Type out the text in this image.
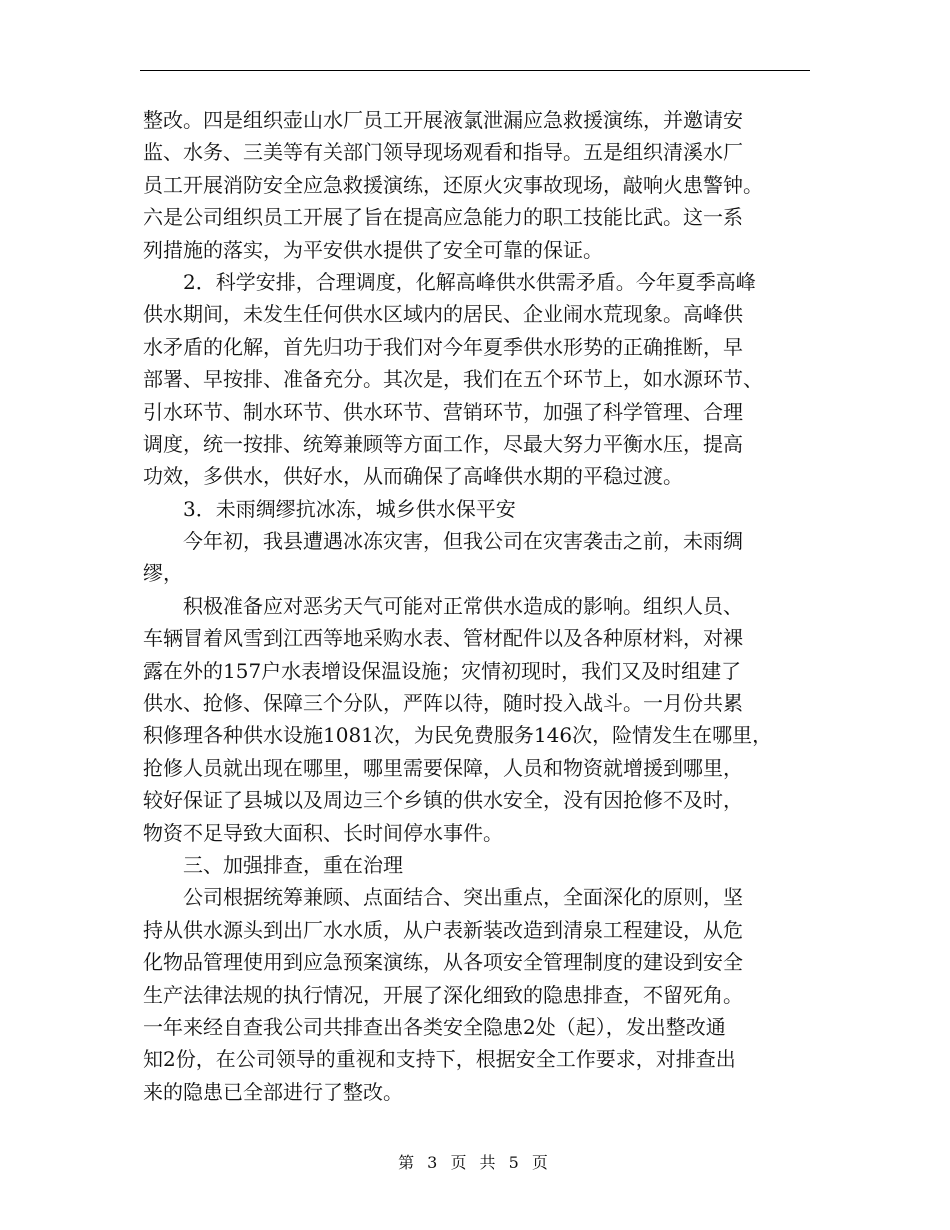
整改。四是组织壶山水厂员工开展液氯泄漏应急救援演练，并邀请安
监、水务、三美等有关部门领导现场观看和指导。五是组织清溪水厂
员工开展消防安全应急救援演练，还原火灾事故现场，敲响火患警钟。
六是公司组织员工开展了旨在提高应急能力的职工技能比武。这一系
列措施的落实，为平安供水提供了安全可靠的保证。
2．科学安排，合理调度，化解高峰供水供需矛盾。今年夏季高峰
供水期间，未发生任何供水区域内的居民、企业闹水荒现象。高峰供
水矛盾的化解，首先归功于我们对今年夏季供水形势的正确推断，早
部署、早按排、准备充分。其次是，我们在五个环节上，如水源环节、
引水环节、制水环节、供水环节、营销环节，加强了科学管理、合理
调度，统一按排、统筹兼顾等方面工作，尽最大努力平衡水压，提高
功效，多供水，供好水，从而确保了高峰供水期的平稳过渡。
3．未雨绸缪抗冰冻，城乡供水保平安
今年初，我县遭遇冰冻灾害，但我公司在灾害袭击之前，未雨绸
缪，
积极准备应对恶劣天气可能对正常供水造成的影响。组织人员、
车辆冒着风雪到江西等地采购水表、管材配件以及各种原材料，对裸
露在外的157户水表增设保温设施；灾情初现时，我们又及时组建了
供水、抢修、保障三个分队，严阵以待，随时投入战斗。一月份共累
积修理各种供水设施1081次，为民免费服务146次，险情发生在哪里，
抢修人员就出现在哪里，哪里需要保障，人员和物资就增援到哪里，
较好保证了县城以及周边三个乡镇的供水安全，没有因抢修不及时，
物资不足导致大面积、长时间停水事件。
三、加强排查，重在治理
公司根据统筹兼顾、点面结合、突出重点，全面深化的原则，坚
持从供水源头到出厂水水质，从户表新装改造到清泉工程建设，从危
化物品管理使用到应急预案演练，从各项安全管理制度的建设到安全
生产法律法规的执行情况，开展了深化细致的隐患排查，不留死角。
一年来经自查我公司共排查出各类安全隐患2处（起），发出整改通
知2份，在公司领导的重视和支持下，根据安全工作要求，对排查出
来的隐患已全部进行了整改。
第 3 页 共 5 页
